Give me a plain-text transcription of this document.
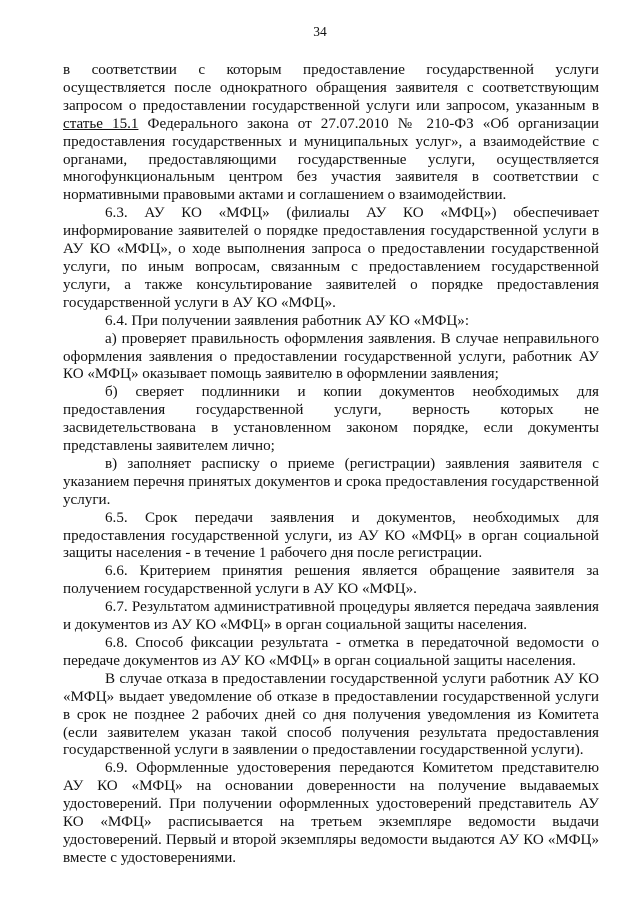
34

в соответствии с которым предоставление государственной услуги осуществляется после однократного обращения заявителя с соответствующим запросом о предоставлении государственной услуги или запросом, указанным в статье 15.1 Федерального закона от 27.07.2010 № 210-ФЗ «Об организации предоставления государственных и муниципальных услуг», а взаимодействие с органами, предоставляющими государственные услуги, осуществляется многофункциональным центром без участия заявителя в соответствии с нормативными правовыми актами и соглашением о взаимодействии.

6.3. АУ КО «МФЦ» (филиалы АУ КО «МФЦ») обеспечивает информирование заявителей о порядке предоставления государственной услуги в АУ КО «МФЦ», о ходе выполнения запроса о предоставлении государственной услуги, по иным вопросам, связанным с предоставлением государственной услуги, а также консультирование заявителей о порядке предоставления государственной услуги в АУ КО «МФЦ».

6.4. При получении заявления работник АУ КО «МФЦ»:

а) проверяет правильность оформления заявления. В случае неправильного оформления заявления о предоставлении государственной услуги, работник АУ КО «МФЦ» оказывает помощь заявителю в оформлении заявления;

б) сверяет подлинники и копии документов необходимых для предоставления государственной услуги, верность которых не засвидетельствована в установленном законом порядке, если документы представлены заявителем лично;

в) заполняет расписку о приеме (регистрации) заявления заявителя с указанием перечня принятых документов и срока предоставления государственной услуги.

6.5. Срок передачи заявления и документов, необходимых для предоставления государственной услуги, из АУ КО «МФЦ» в орган социальной защиты населения - в течение 1 рабочего дня после регистрации.

6.6. Критерием принятия решения является обращение заявителя за получением государственной услуги в АУ КО «МФЦ».

6.7. Результатом административной процедуры является передача заявления и документов из АУ КО «МФЦ» в орган социальной защиты населения.

6.8. Способ фиксации результата - отметка в передаточной ведомости о передаче документов из АУ КО «МФЦ» в орган социальной защиты населения.

В случае отказа в предоставлении государственной услуги работник АУ КО «МФЦ» выдает уведомление об отказе в предоставлении государственной услуги в срок не позднее 2 рабочих дней со дня получения уведомления из Комитета (если заявителем указан такой способ получения результата предоставления государственной услуги в заявлении о предоставлении государственной услуги).

6.9. Оформленные удостоверения передаются Комитетом представителю АУ КО «МФЦ» на основании доверенности на получение выдаваемых удостоверений. При получении оформленных удостоверений представитель АУ КО «МФЦ» расписывается на третьем экземпляре ведомости выдачи удостоверений. Первый и второй экземпляры ведомости выдаются АУ КО «МФЦ» вместе с удостоверениями.
